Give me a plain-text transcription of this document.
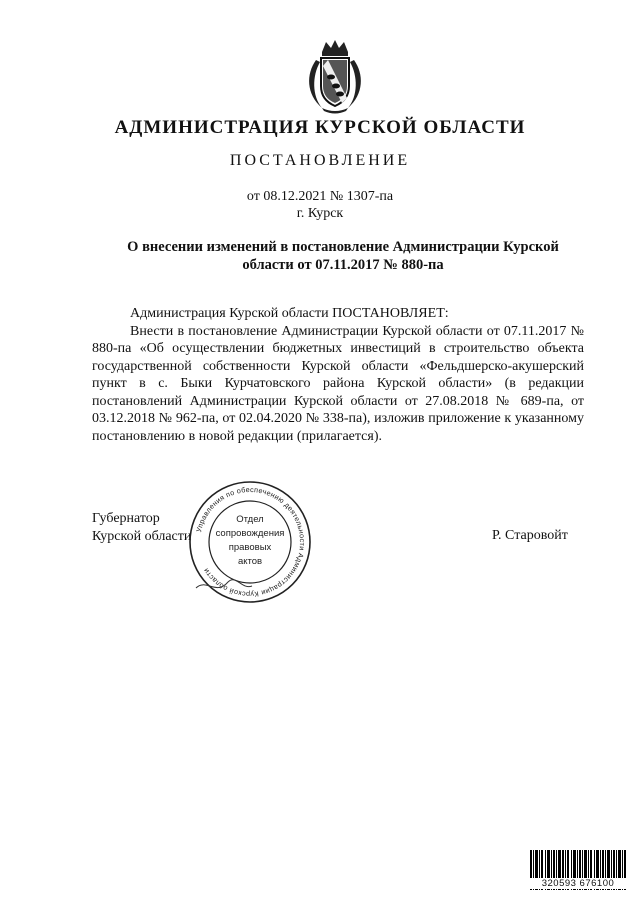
АДМИНИСТРАЦИЯ КУРСКОЙ ОБЛАСТИ
ПОСТАНОВЛЕНИЕ
от 08.12.2021 № 1307-па
г. Курск
О внесении изменений в постановление Администрации Курской
области от 07.11.2017 № 880-па

Администрация Курской области ПОСТАНОВЛЯЕТ:

Внести в постановление Администрации Курской области от 07.11.2017 № 880-па «Об осуществлении бюджетных инвестиций в строительство объекта государственной собственности Курской области «Фельдшерско-акушерский пункт в с. Быки Курчатовского района Курской области» (в редакции постановлений Администрации Курской области от 27.08.2018 № 689-па, от 03.12.2018 № 962-па, от 02.04.2020 № 338-па), изложив приложение к указанному постановлению в новой редакции (прилагается).

Губернатор
Курской области	Р. Старовойт
Управления по обеспечению деятельности Администрации Курской области
Отдел
сопровождения
правовых
актов
320593 676100
